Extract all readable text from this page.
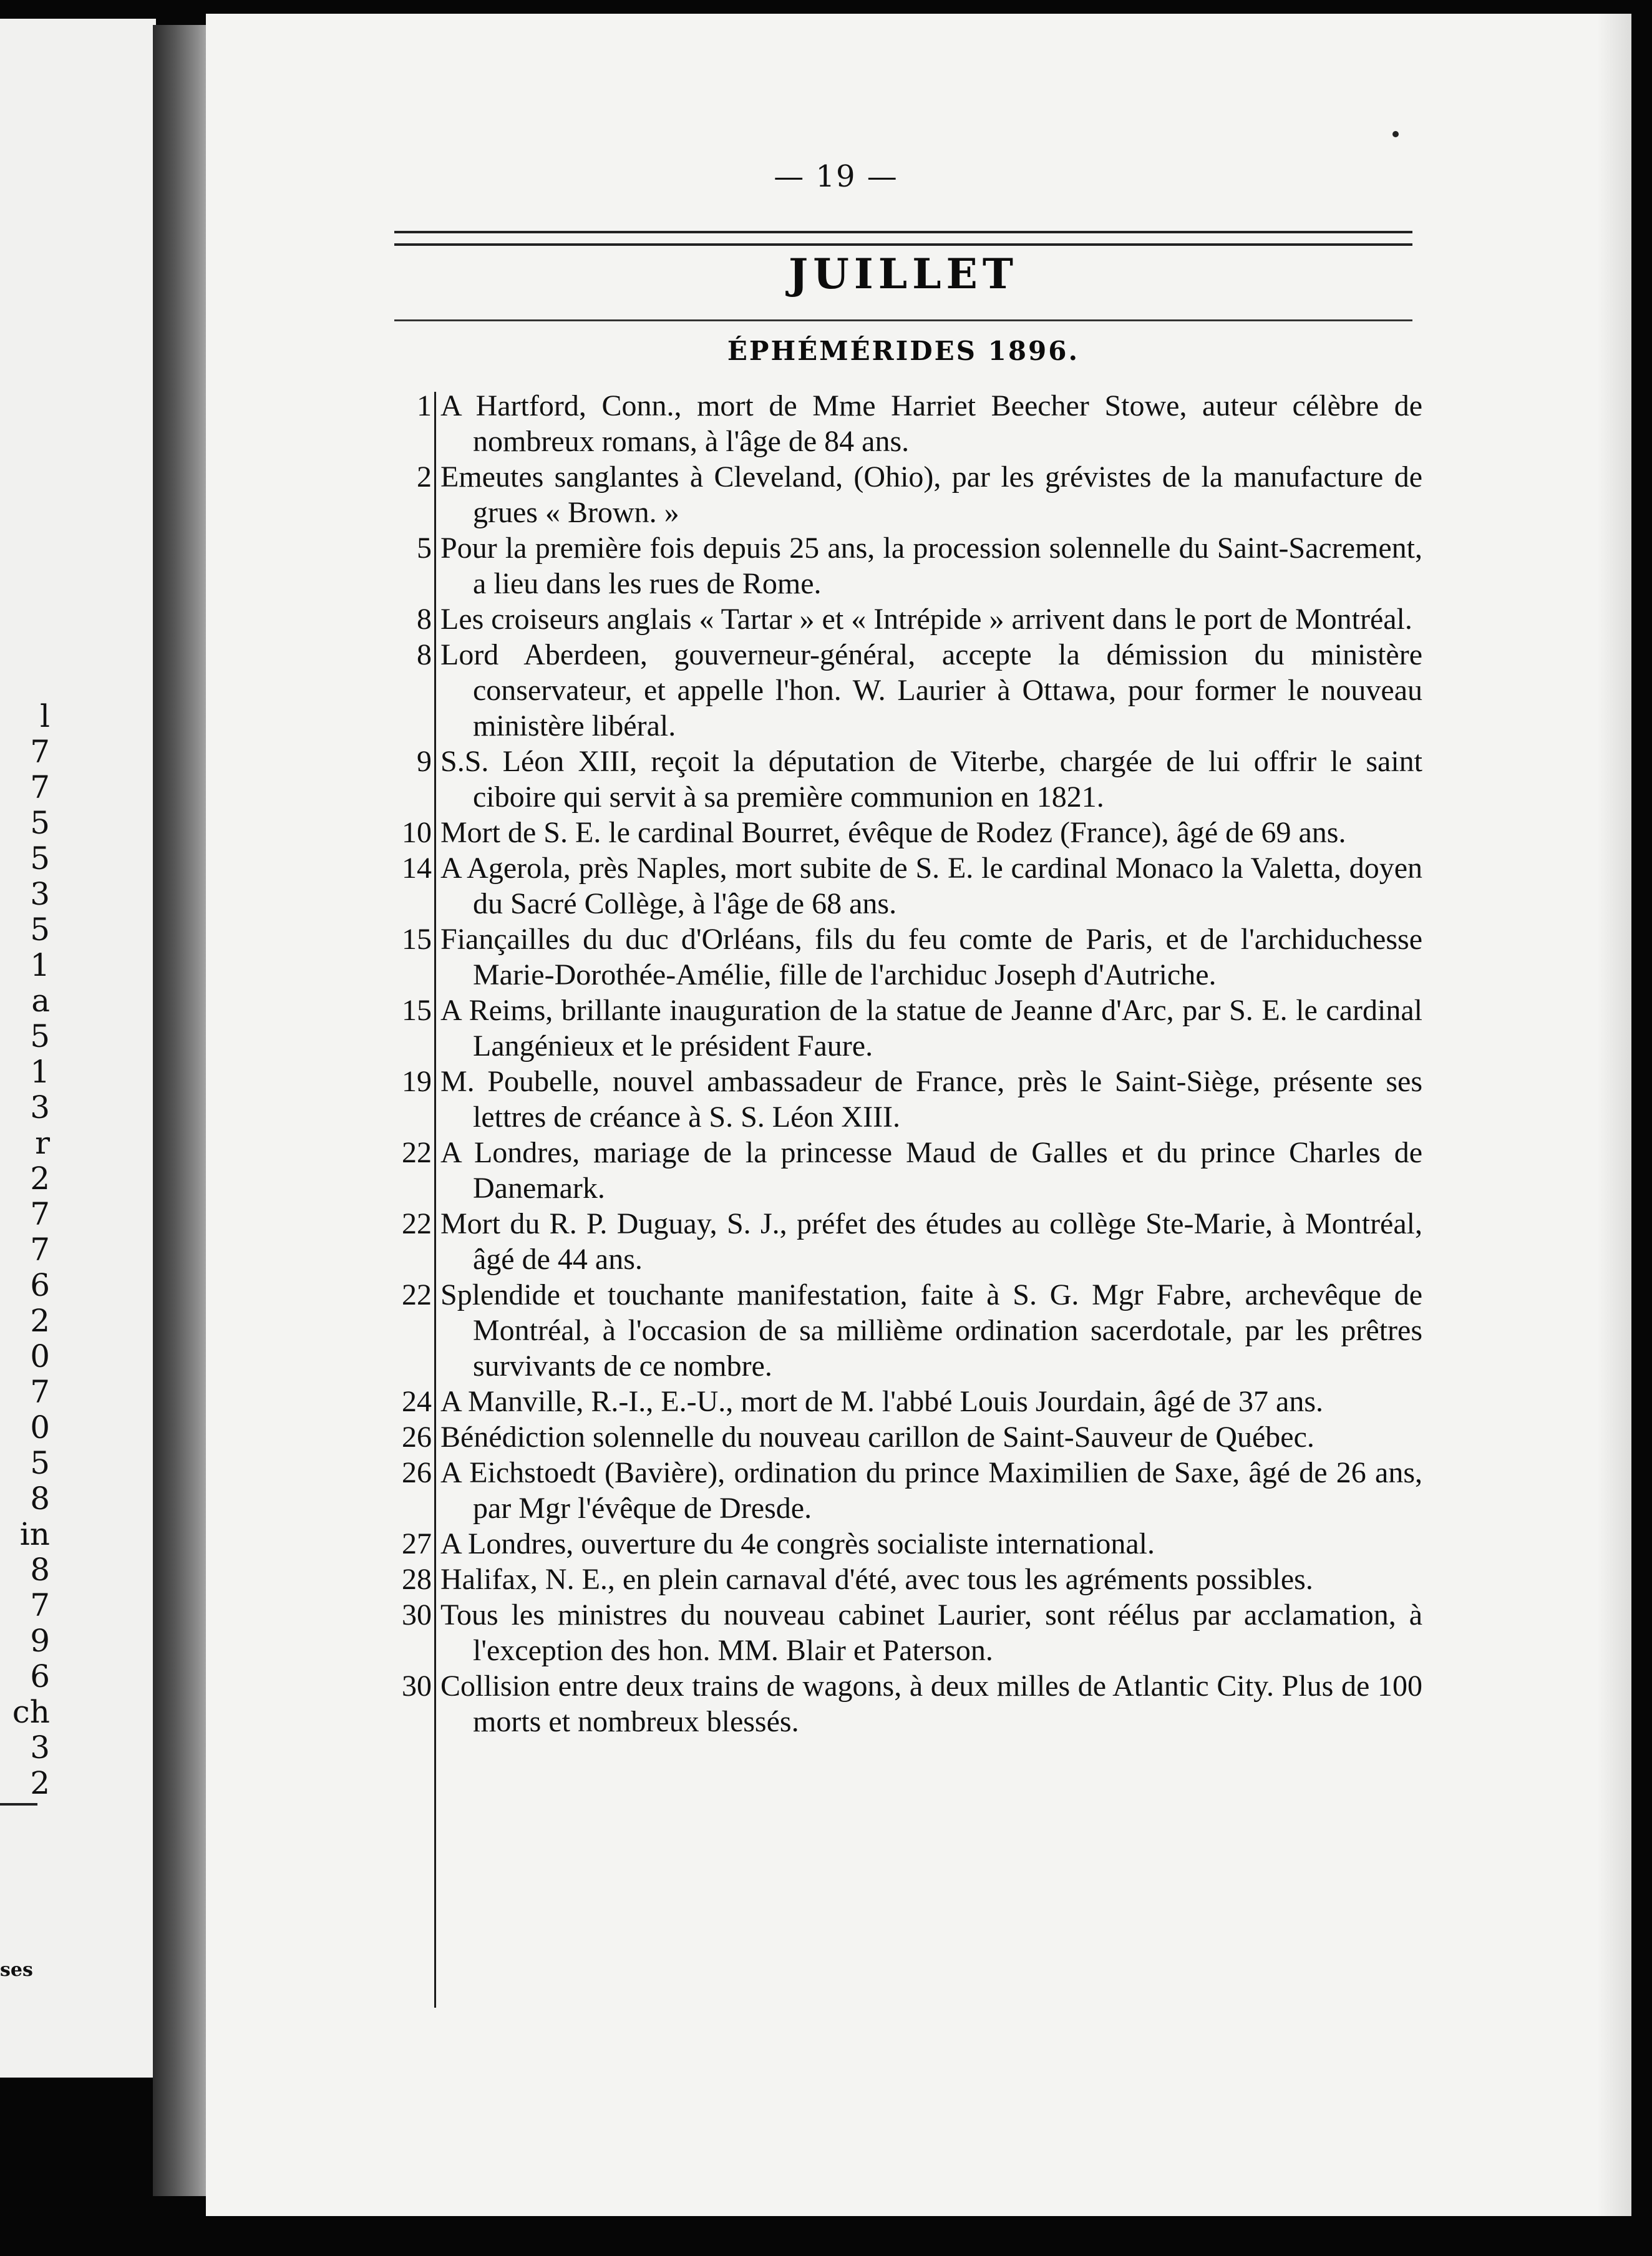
l
7
7
5
5
3
5
1
a
5
1
3
r
2
7
7
6
2
0
7
0
5
8
in
8
7
9
6
ch
3
2
ses
— 19 —
JUILLET
ÉPHÉMÉRIDES 1896.
1 A Hartford, Conn., mort de Mme Harriet Beecher Stowe, auteur célèbre de nombreux romans, à l'âge de 84 ans.
2 Emeutes sanglantes à Cleveland, (Ohio), par les grévistes de la manufacture de grues « Brown. »
5 Pour la première fois depuis 25 ans, la procession solennelle du Saint-Sacrement, a lieu dans les rues de Rome.
8 Les croiseurs anglais « Tartar » et « Intrépide » arrivent dans le port de Montréal.
8 Lord Aberdeen, gouverneur-général, accepte la démission du ministère conservateur, et appelle l'hon. W. Laurier à Ottawa, pour former le nouveau ministère libéral.
9 S.S. Léon XIII, reçoit la députation de Viterbe, chargée de lui offrir le saint ciboire qui servit à sa première communion en 1821.
10 Mort de S. E. le cardinal Bourret, évêque de Rodez (France), âgé de 69 ans.
14 A Agerola, près Naples, mort subite de S. E. le cardinal Monaco la Valetta, doyen du Sacré Collège, à l'âge de 68 ans.
15 Fiançailles du duc d'Orléans, fils du feu comte de Paris, et de l'archiduchesse Marie-Dorothée-Amélie, fille de l'archiduc Joseph d'Autriche.
15 A Reims, brillante inauguration de la statue de Jeanne d'Arc, par S. E. le cardinal Langénieux et le président Faure.
19 M. Poubelle, nouvel ambassadeur de France, près le Saint-Siège, présente ses lettres de créance à S. S. Léon XIII.
22 A Londres, mariage de la princesse Maud de Galles et du prince Charles de Danemark.
22 Mort du R. P. Duguay, S. J., préfet des études au collège Ste-Marie, à Montréal, âgé de 44 ans.
22 Splendide et touchante manifestation, faite à S. G. Mgr Fabre, archevêque de Montréal, à l'occasion de sa millième ordination sacerdotale, par les prêtres survivants de ce nombre.
24 A Manville, R.-I., E.-U., mort de M. l'abbé Louis Jourdain, âgé de 37 ans.
26 Bénédiction solennelle du nouveau carillon de Saint-Sauveur de Québec.
26 A Eichstoedt (Bavière), ordination du prince Maximilien de Saxe, âgé de 26 ans, par Mgr l'évêque de Dresde.
27 A Londres, ouverture du 4e congrès socialiste international.
28 Halifax, N. E., en plein carnaval d'été, avec tous les agréments possibles.
30 Tous les ministres du nouveau cabinet Laurier, sont réélus par acclamation, à l'exception des hon. MM. Blair et Paterson.
30 Collision entre deux trains de wagons, à deux milles de Atlantic City. Plus de 100 morts et nombreux blessés.
